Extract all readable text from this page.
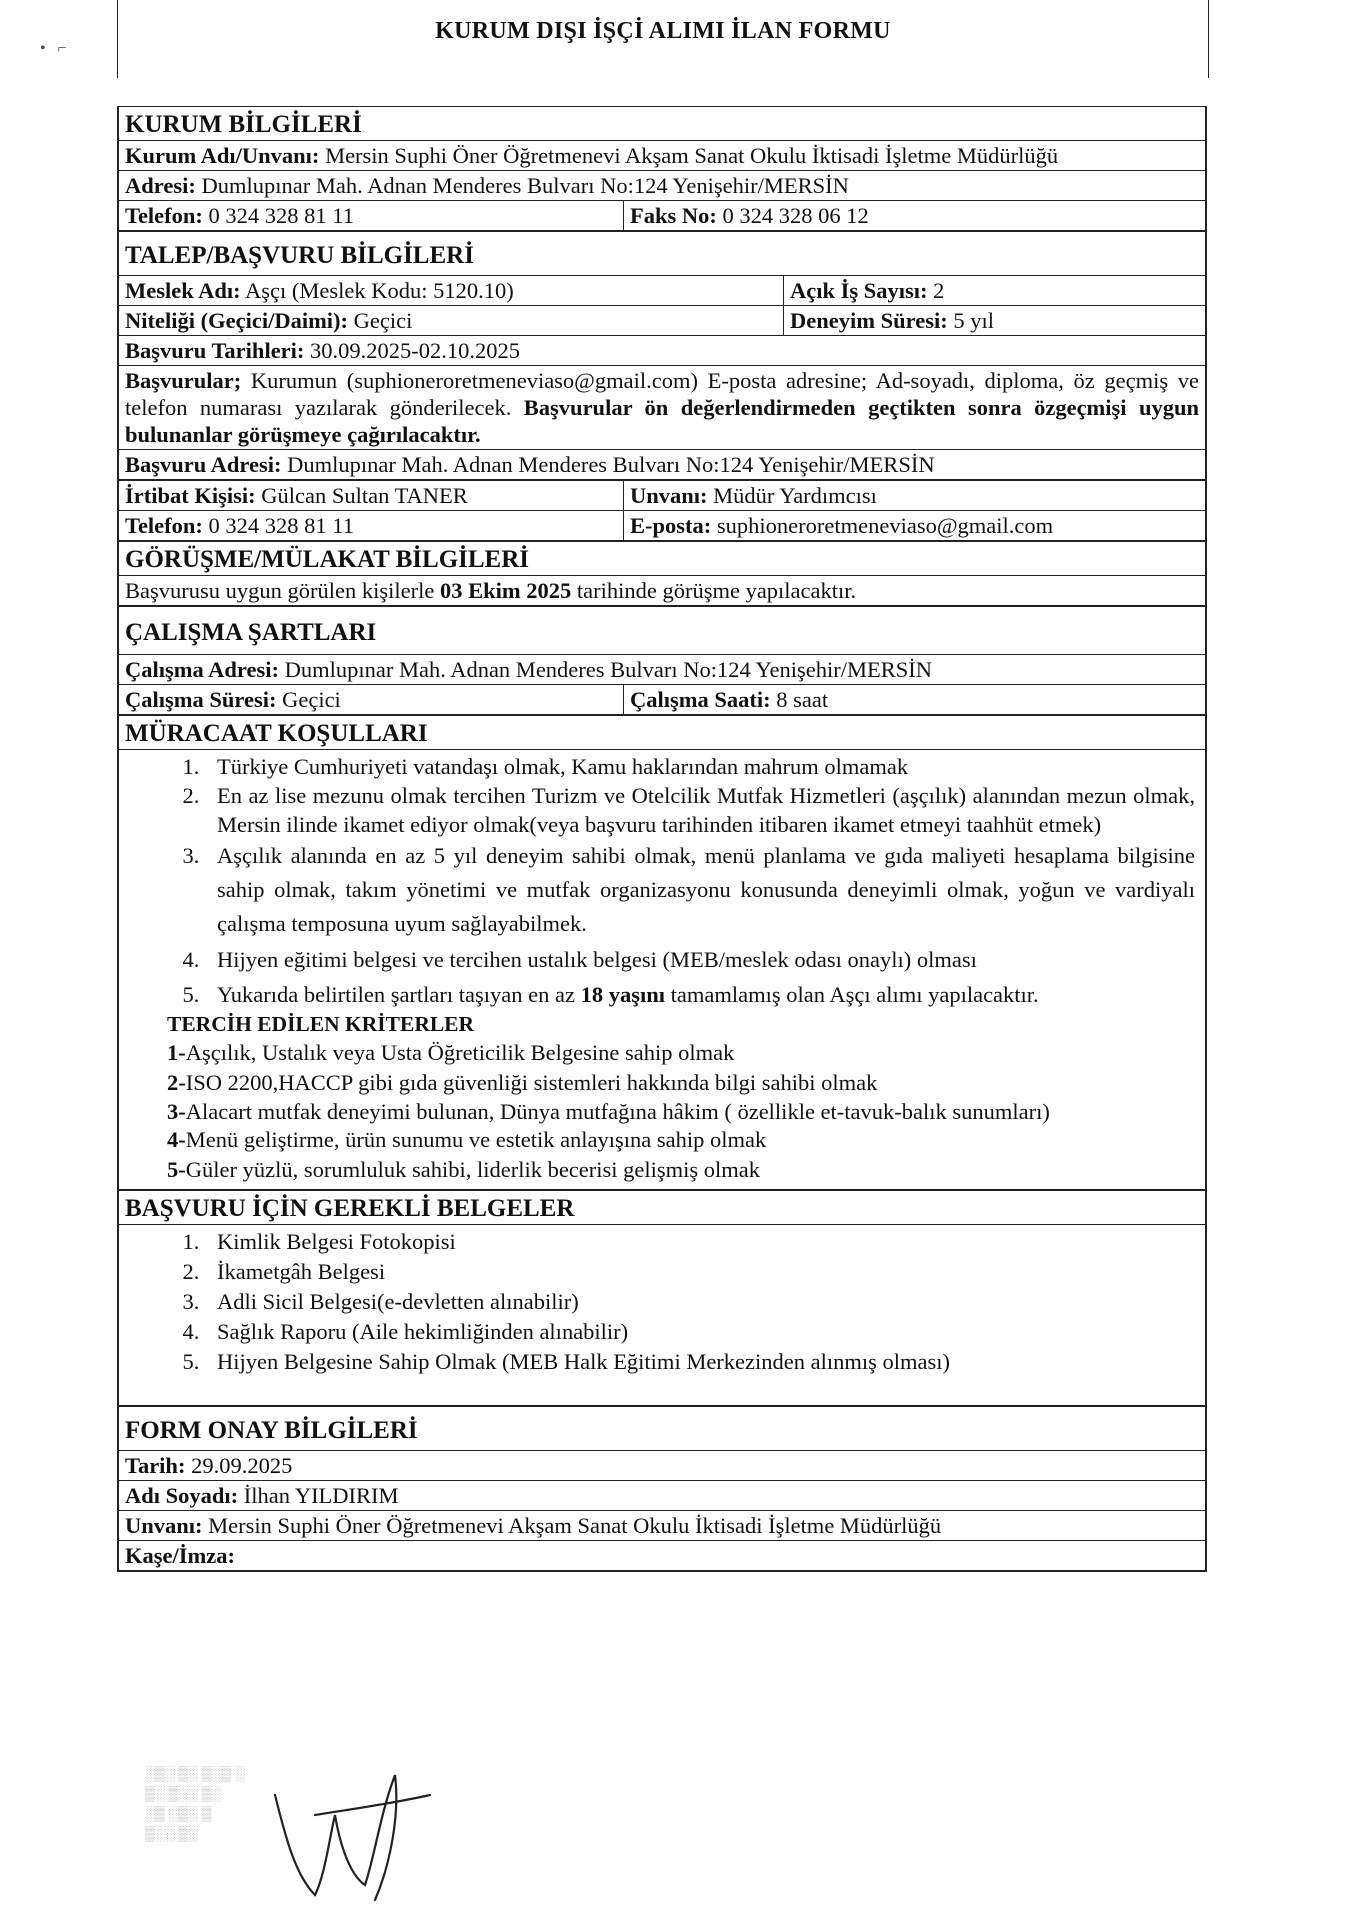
•   ⌐
KURUM DIŞI İŞÇİ ALIMI İLAN FORMU
KURUM BİLGİLERİ
Kurum Adı/Unvanı: Mersin Suphi Öner Öğretmenevi Akşam Sanat Okulu İktisadi İşletme Müdürlüğü
Adresi: Dumlupınar Mah. Adnan Menderes Bulvarı No:124 Yenişehir/MERSİN
Telefon: 0 324 328 81 11	Faks No: 0 324 328 06 12
TALEP/BAŞVURU BİLGİLERİ	
Meslek Adı: Aşçı (Meslek Kodu: 5120.10)	Açık İş Sayısı: 2
Niteliği (Geçici/Daimi): Geçici	Deneyim Süresi: 5 yıl
Başvuru Tarihleri: 30.09.2025-02.10.2025	
Başvurular; Kurumun (suphioneroretmeneviaso@gmail.com) E-posta adresine; Ad-soyadı, diploma, öz geçmiş ve telefon numarası yazılarak gönderilecek. Başvurular ön değerlendirmeden geçtikten sonra özgeçmişi uygun bulunanlar görüşmeye çağırılacaktır.	
Başvuru Adresi: Dumlupınar Mah. Adnan Menderes Bulvarı No:124 Yenişehir/MERSİN	
İrtibat Kişisi: Gülcan Sultan TANER	Unvanı: Müdür Yardımcısı
Telefon: 0 324 328 81 11	E-posta: suphioneroretmeneviaso@gmail.com
GÖRÜŞME/MÜLAKAT BİLGİLERİ
Başvurusu uygun görülen kişilerle 03 Ekim 2025 tarihinde görüşme yapılacaktır.
ÇALIŞMA ŞARTLARI
Çalışma Adresi: Dumlupınar Mah. Adnan Menderes Bulvarı No:124 Yenişehir/MERSİN
Çalışma Süresi: Geçici	Çalışma Saati: 8 saat
MÜRACAAT KOŞULLARI

1. Türkiye Cumhuriyeti vatandaşı olmak, Kamu haklarından mahrum olmamak
2. En az lise mezunu olmak tercihen Turizm ve Otelcilik Mutfak Hizmetleri (aşçılık) alanından mezun olmak, Mersin ilinde ikamet ediyor olmak(veya başvuru tarihinden itibaren ikamet etmeyi taahhüt etmek)
3. Aşçılık alanında en az 5 yıl deneyim sahibi olmak, menü planlama ve gıda maliyeti hesaplama bilgisine sahip olmak, takım yönetimi ve mutfak organizasyonu konusunda deneyimli olmak, yoğun ve vardiyalı çalışma temposuna uyum sağlayabilmek.
4. Hijyen eğitimi belgesi ve tercihen ustalık belgesi (MEB/meslek odası onaylı) olması
5. Yukarıda belirtilen şartları taşıyan en az 18 yaşını tamamlamış olan Aşçı alımı yapılacaktır.
TERCİH EDİLEN KRİTERLER
1-Aşçılık, Ustalık veya Usta Öğreticilik Belgesine sahip olmak
2-ISO 2200,HACCP gibi gıda güvenliği sistemleri hakkında bilgi sahibi olmak
3-Alacart mutfak deneyimi bulunan, Dünya mutfağına hâkim ( özellikle et-tavuk-balık sunumları)
4-Menü geliştirme, ürün sunumu ve estetik anlayışına sahip olmak
5-Güler yüzlü, sorumluluk sahibi, liderlik becerisi gelişmiş olmak
BAŞVURU İÇİN GEREKLİ BELGELER

1. Kimlik Belgesi Fotokopisi
2. İkametgâh Belgesi
3. Adli Sicil Belgesi(e-devletten alınabilir)
4. Sağlık Raporu (Aile hekimliğinden alınabilir)
5. Hijyen Belgesine Sahip Olmak (MEB Halk Eğitimi Merkezinden alınmış olması)
FORM ONAY BİLGİLERİ
Tarih: 29.09.2025
Adı Soyadı: İlhan YILDIRIM
Unvanı: Mersin Suphi Öner Öğretmenevi Akşam Sanat Okulu İktisadi İşletme Müdürlüğü
Kaşe/İmza:
░▒░ ▒░ ▒░▒ ░
▒░ ▒░░ ▒░
░▒ ░▒░ ▒
▒░░ ▒░
